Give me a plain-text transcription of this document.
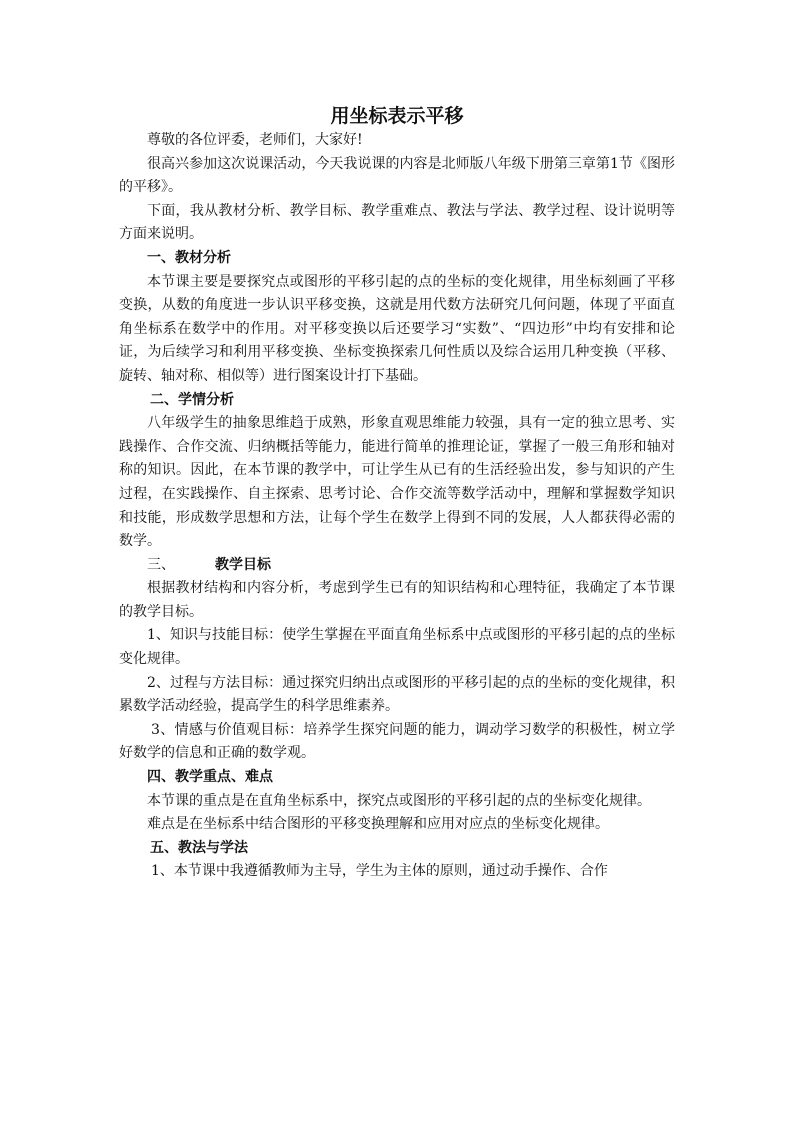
用坐标表示平移

尊敬的各位评委，老师们，大家好!

很高兴参加这次说课活动，今天我说课的内容是北师版八年级下册第三章第1节《图形的平移》。

下面，我从教材分析、教学目标、教学重难点、教法与学法、教学过程、设计说明等方面来说明。

一、教材分析

本节课主要是要探究点或图形的平移引起的点的坐标的变化规律，用坐标刻画了平移变换，从数的角度进一步认识平移变换，这就是用代数方法研究几何问题，体现了平面直角坐标系在数学中的作用。对平移变换以后还要学习“实数”、“四边形”中均有安排和论证，为后续学习和利用平移变换、坐标变换探索几何性质以及综合运用几种变换（平移、旋转、轴对称、相似等）进行图案设计打下基础。

二、学情分析

八年级学生的抽象思维趋于成熟，形象直观思维能力较强，具有一定的独立思考、实践操作、合作交流、归纳概括等能力，能进行简单的推理论证，掌握了一般三角形和轴对称的知识。因此，在本节课的教学中，可让学生从已有的生活经验出发，参与知识的产生过程，在实践操作、自主探索、思考讨论、合作交流等数学活动中，理解和掌握数学知识和技能，形成数学思想和方法，让每个学生在数学上得到不同的发展，人人都获得必需的数学。

三、	教学目标

根据教材结构和内容分析，考虑到学生已有的知识结构和心理特征，我确定了本节课的教学目标。

1、知识与技能目标：使学生掌握在平面直角坐标系中点或图形的平移引起的点的坐标变化规律。

2、过程与方法目标：通过探究归纳出点或图形的平移引起的点的坐标的变化规律，积累数学活动经验，提高学生的科学思维素养。

3、情感与价值观目标：培养学生探究问题的能力，调动学习数学的积极性，树立学好数学的信息和正确的数学观。

四、教学重点、难点

本节课的重点是在直角坐标系中，探究点或图形的平移引起的点的坐标变化规律。

难点是在坐标系中结合图形的平移变换理解和应用对应点的坐标变化规律。

五、教法与学法

1、本节课中我遵循教师为主导，学生为主体的原则，通过动手操作、合作
